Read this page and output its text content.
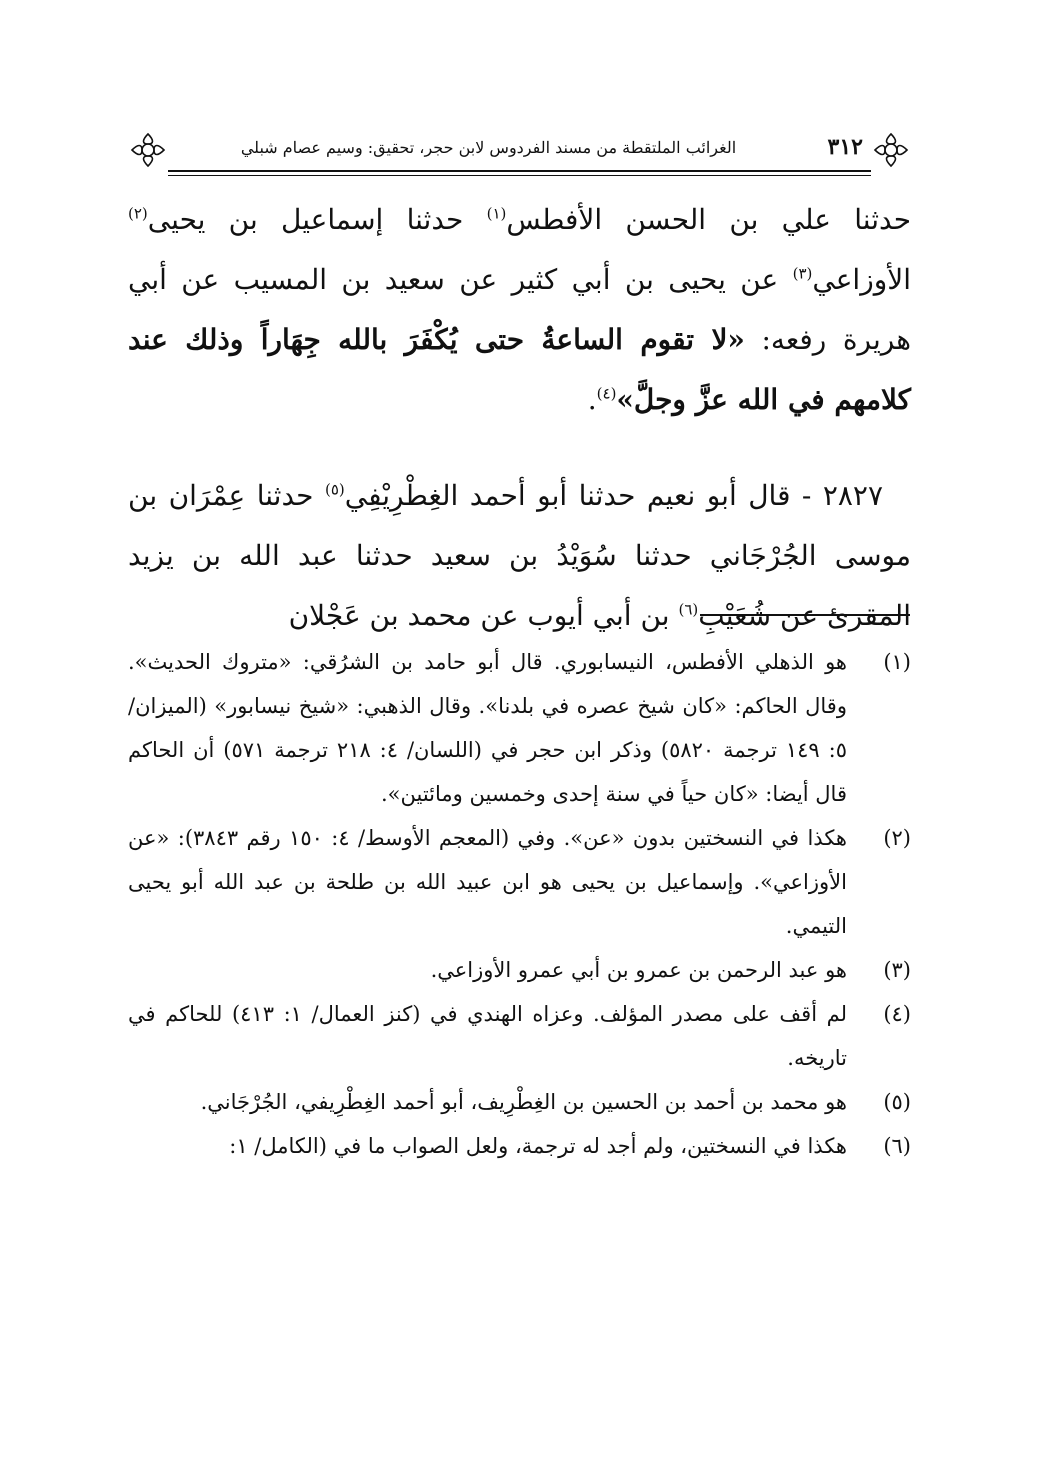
٣١٢
الغرائب الملتقطة من مسند الفردوس لابن حجر، تحقيق: وسيم عصام شبلي

حدثنا علي بن الحسن الأفطس$^{(١)}$ حدثنا إسماعيل بن يحيى$^{(٢)}$ الأوزاعي$^{(٣)}$ عن يحيى بن أبي كثير عن سعيد بن المسيب عن أبي هريرة رفعه: «لا تقوم الساعةُ حتى يُكْفَرَ بالله جِهَاراً وذلك عند كلامهم في الله عزَّ وجلَّ»$^{(٤)}$.

٢٨٢٧ - قال أبو نعيم حدثنا أبو أحمد الغِطْرِيْفِي$^{(٥)}$ حدثنا عِمْرَان بن موسى الجُرْجَاني حدثنا سُوَيْدُ بن سعيد حدثنا عبد الله بن يزيد المقرئ عن شُعَيْبِ$^{(٦)}$ بن أبي أيوب عن محمد بن عَجْلان

(١)
هو الذهلي الأفطس، النيسابوري. قال أبو حامد بن الشرُقي: «متروك الحديث». وقال الحاكم: «كان شيخ عصره في بلدنا». وقال الذهبي: «شيخ نيسابور» (الميزان/ ٥: ١٤٩ ترجمة ٥٨٢٠) وذكر ابن حجر في (اللسان/ ٤: ٢١٨ ترجمة ٥٧١) أن الحاكم قال أيضا: «كان حياً في سنة إحدى وخمسين ومائتين».
(٢)
هكذا في النسختين بدون «عن». وفي (المعجم الأوسط/ ٤: ١٥٠ رقم ٣٨٤٣): «عن الأوزاعي». وإسماعيل بن يحيى هو ابن عبيد الله بن طلحة بن عبد الله أبو يحيى التيمي.
(٣)
هو عبد الرحمن بن عمرو بن أبي عمرو الأوزاعي.
(٤)
لم أقف على مصدر المؤلف. وعزاه الهندي في (كنز العمال/ ١: ٤١٣) للحاكم في تاريخه.
(٥)
هو محمد بن أحمد بن الحسين بن الغِطْرِيف، أبو أحمد الغِطْرِيفي، الجُرْجَاني.
(٦)
هكذا في النسختين، ولم أجد له ترجمة، ولعل الصواب ما في (الكامل/ ١:
